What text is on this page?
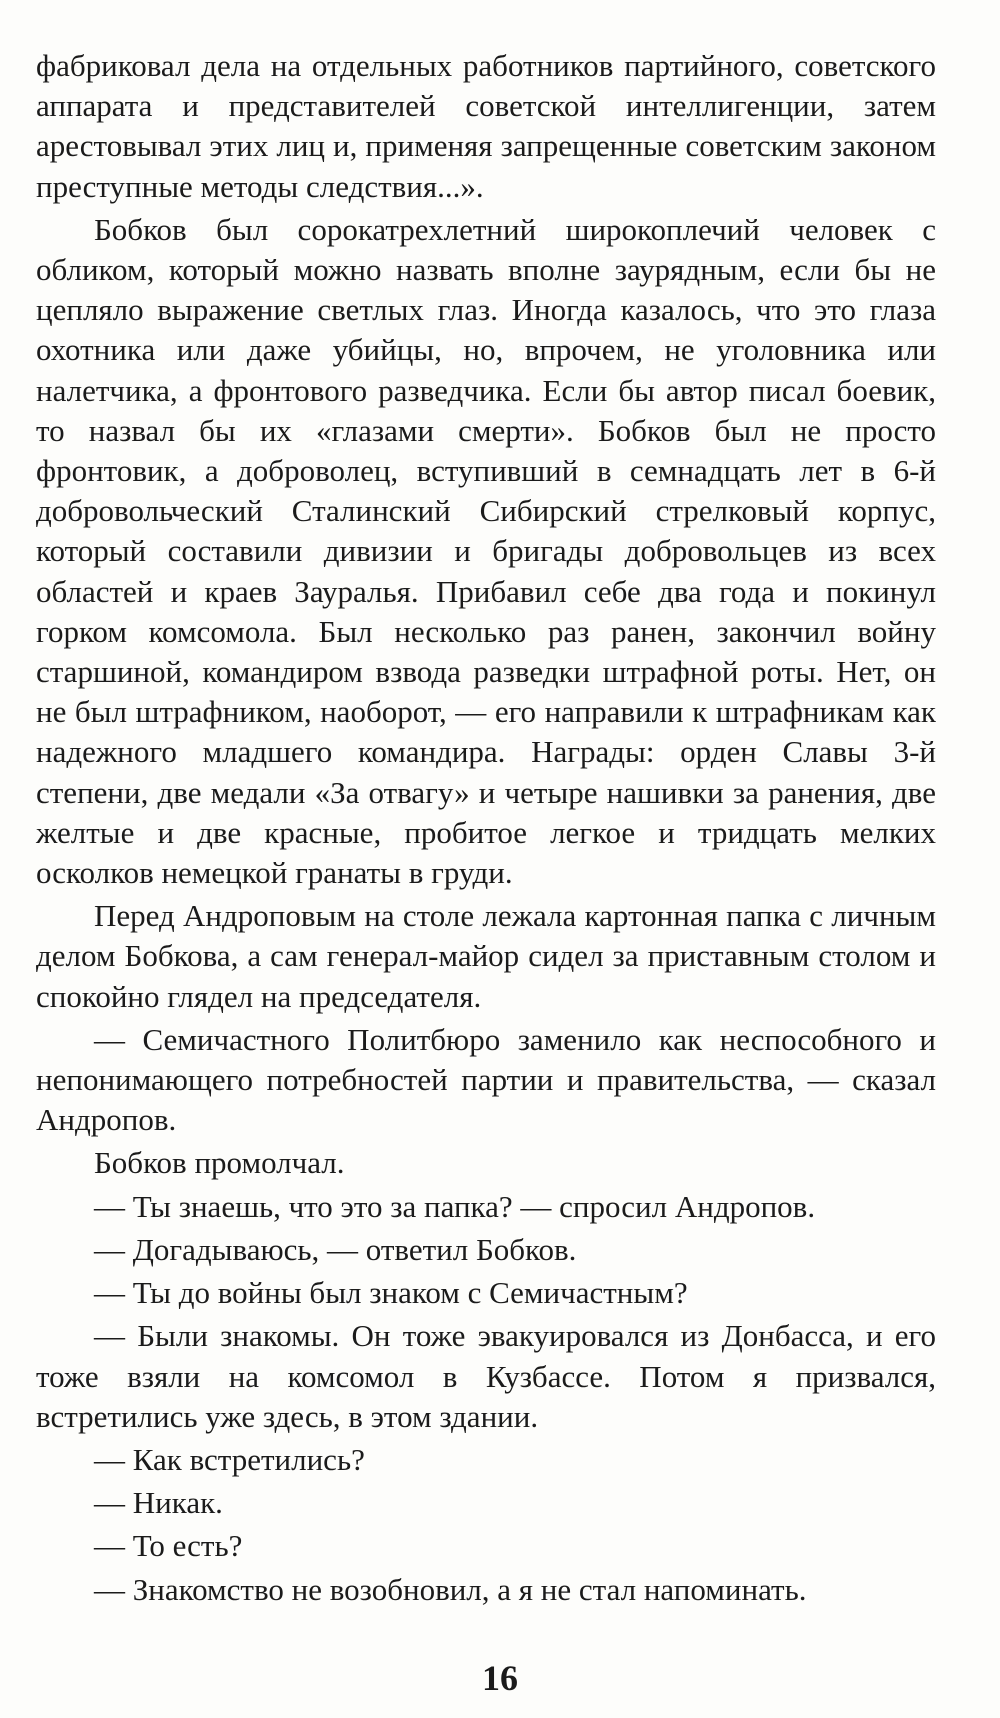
фабриковал дела на отдельных работников партийного, советского аппарата и представителей советской интеллигенции, затем арестовывал этих лиц и, применяя запрещенные советским законом преступные методы следствия...».

Бобков был сорокатрехлетний широкоплечий человек с обликом, который можно назвать вполне заурядным, если бы не цепляло выражение светлых глаз. Иногда казалось, что это глаза охотника или даже убийцы, но, впрочем, не уголовника или налетчика, а фронтового разведчика. Если бы автор писал боевик, то назвал бы их «глазами смерти». Бобков был не просто фронтовик, а доброволец, вступивший в семнадцать лет в 6-й добровольческий Сталинский Сибирский стрелковый корпус, который составили дивизии и бригады добровольцев из всех областей и краев Зауралья. Прибавил себе два года и покинул горком комсомола. Был несколько раз ранен, закончил войну старшиной, командиром взвода разведки штрафной роты. Нет, он не был штрафником, наоборот, — его направили к штрафникам как надежного младшего командира. Награды: орден Славы 3-й степени, две медали «За отвагу» и четыре нашивки за ранения, две желтые и две красные, пробитое легкое и тридцать мелких осколков немецкой гранаты в груди.

Перед Андроповым на столе лежала картонная папка с личным делом Бобкова, а сам генерал-майор сидел за приставным столом и спокойно глядел на председателя.

— Семичастного Политбюро заменило как неспособного и непонимающего потребностей партии и правительства, — сказал Андропов.

Бобков промолчал.

— Ты знаешь, что это за папка? — спросил Андропов.

— Догадываюсь, — ответил Бобков.

— Ты до войны был знаком с Семичастным?

— Были знакомы. Он тоже эвакуировался из Донбасса, и его тоже взяли на комсомол в Кузбассе. Потом я призвался, встретились уже здесь, в этом здании.

— Как встретились?

— Никак.

— То есть?

— Знакомство не возобновил, а я не стал напоминать.

16
